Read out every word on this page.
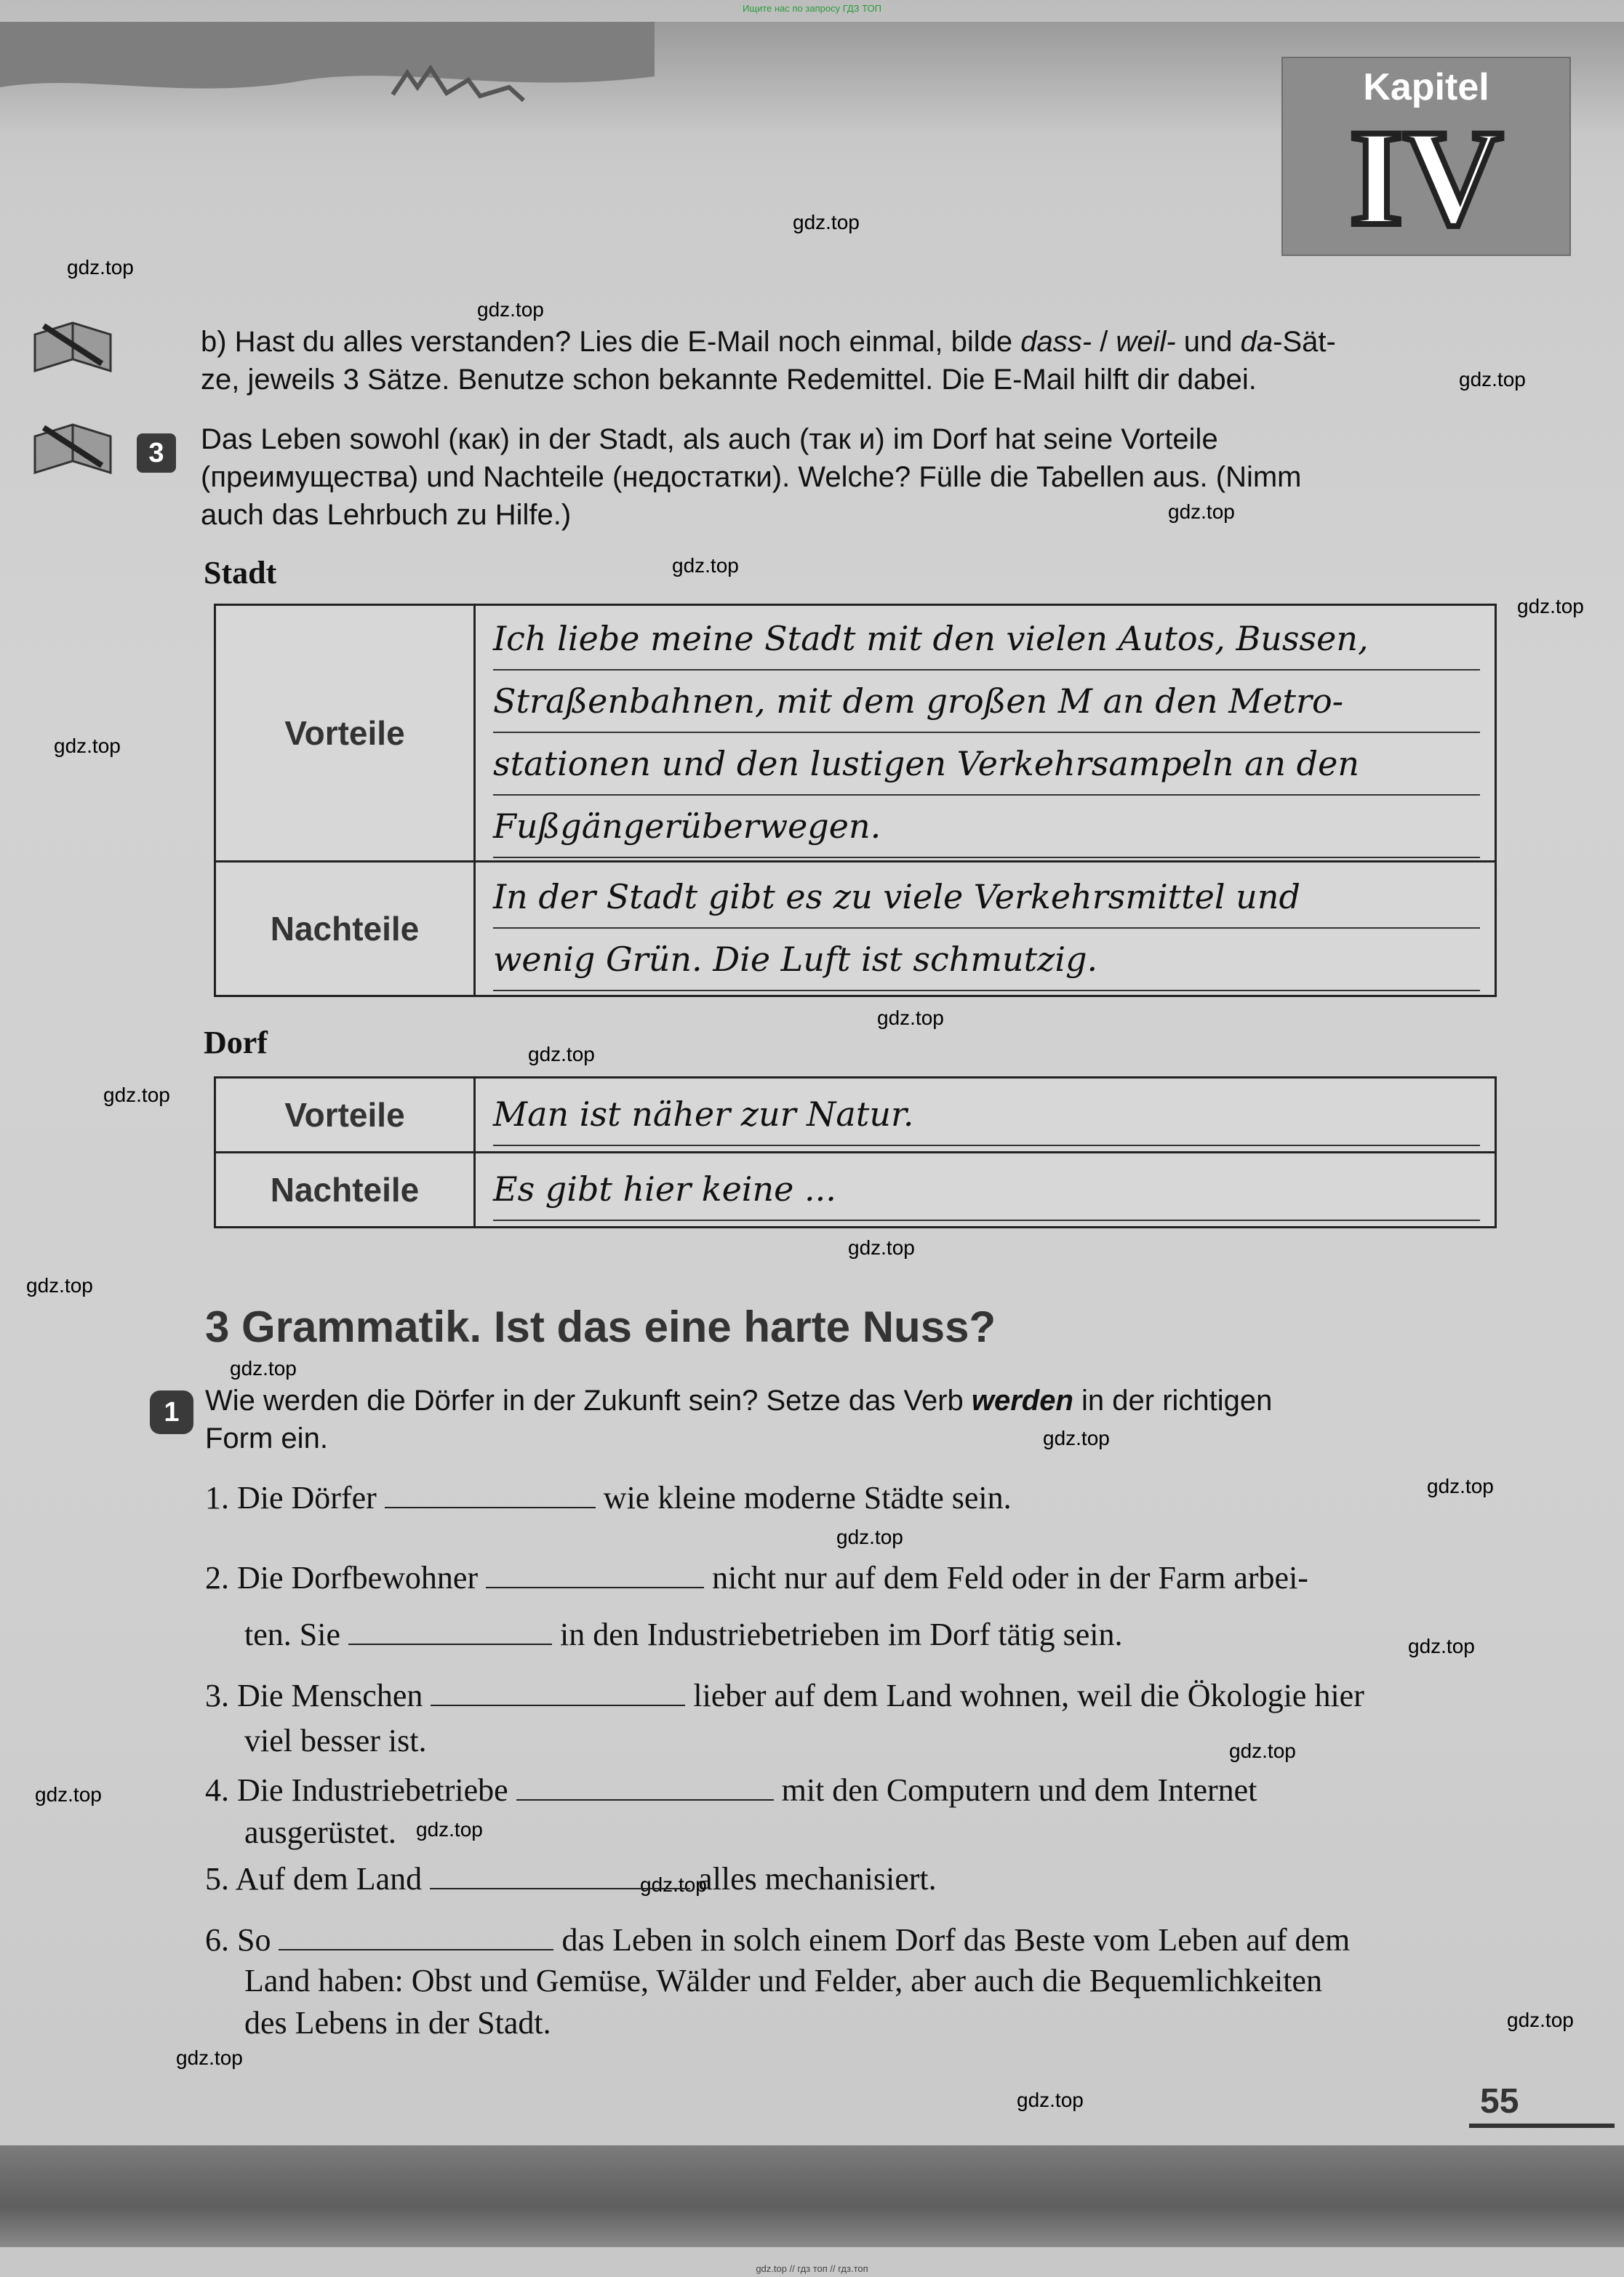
Ищите нас по запросу ГДЗ ТОП
Kapitel
IV
gdz.top
gdz.top
gdz.top
gdz.top
gdz.top
gdz.top
gdz.top
gdz.top
gdz.top
gdz.top
gdz.top
gdz.top
gdz.top
gdz.top
gdz.top
gdz.top
gdz.top
gdz.top
gdz.top
gdz.top
gdz.top
gdz.top
gdz.top
gdz.top
gdz.top
b) Hast du alles verstanden? Lies die E-Mail noch einmal, bilde dass- / weil- und da-Sät-
ze, jeweils 3 Sätze. Benutze schon bekannte Redemittel. Die E-Mail hilft dir dabei.
3	Das Leben sowohl (как) in der Stadt, als auch (так и) im Dorf hat seine Vorteile
(преимущества) und Nachteile (недостатки). Welche? Fülle die Tabellen aus. (Nimm
auch das Lehrbuch zu Hilfe.)
Stadt
Vorteile	Ich liebe meine Stadt mit den vielen Autos, Bussen,
Straßenbahnen, mit dem großen M an den Metro-
stationen und den lustigen Verkehrsampeln an den
Fußgängerüberwegen.

Nachteile	In der Stadt gibt es zu viele Verkehrsmittel und
wenig Grün. Die Luft ist schmutzig.
Dorf
Vorteile	Man ist näher zur Natur.

Nachteile	Es gibt hier keine ...
3 Grammatik. Ist das eine harte Nuss?
1 Wie werden die Dörfer in der Zukunft sein? Setze das Verb werden in der richtigen
Form ein.
1. Die Dörfer	wie kleine moderne Städte sein.
2. Die Dorfbewohner	nicht nur auf dem Feld oder in der Farm arbei-
ten. Sie	in den Industriebetrieben im Dorf tätig sein.
3. Die Menschen	lieber auf dem Land wohnen, weil die Ökologie hier
viel besser ist.
4. Die Industriebetriebe	mit den Computern und dem Internet
ausgerüstet.
5. Auf dem Land	alles mechanisiert.
6. So	das Leben in solch einem Dorf das Beste vom Leben auf dem
Land haben: Obst und Gemüse, Wälder und Felder, aber auch die Bequemlichkeiten
des Lebens in der Stadt.
55
gdz.top // гдз топ // гдз.топ
